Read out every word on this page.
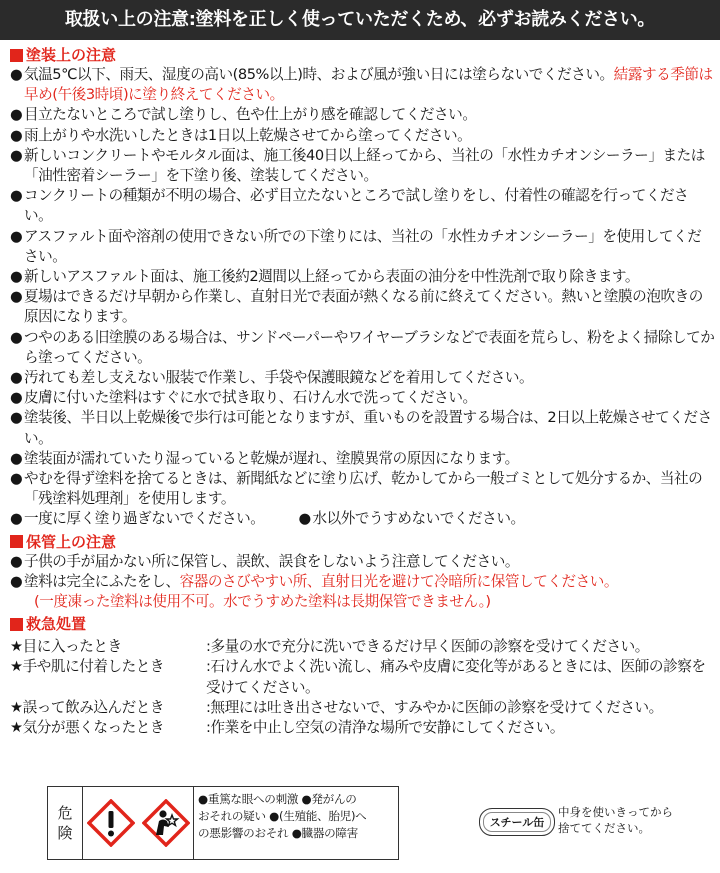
取扱い上の注意:塗料を正しく使っていただくため、必ずお読みください。
塗装上の注意
● 気温5℃以下、雨天、湿度の高い(85%以上)時、および風が強い日には塗らないでください。結露する季節は早め(午後3時頃)に塗り終えてください。
● 目立たないところで試し塗りし、色や仕上がり感を確認してください。
● 雨上がりや水洗いしたときは1日以上乾燥させてから塗ってください。
● 新しいコンクリートやモルタル面は、施工後40日以上経ってから、当社の「水性カチオンシーラー」または「油性密着シーラー」を下塗り後、塗装してください。
● コンクリートの種類が不明の場合、必ず目立たないところで試し塗りをし、付着性の確認を行ってください。
● アスファルト面や溶剤の使用できない所での下塗りには、当社の「水性カチオンシーラー」を使用してください。
● 新しいアスファルト面は、施工後約2週間以上経ってから表面の油分を中性洗剤で取り除きます。
● 夏場はできるだけ早朝から作業し、直射日光で表面が熱くなる前に終えてください。熱いと塗膜の泡吹きの原因になります。
● つやのある旧塗膜のある場合は、サンドペーパーやワイヤーブラシなどで表面を荒らし、粉をよく掃除してから塗ってください。
● 汚れても差し支えない服装で作業し、手袋や保護眼鏡などを着用してください。
● 皮膚に付いた塗料はすぐに水で拭き取り、石けん水で洗ってください。
● 塗装後、半日以上乾燥後で歩行は可能となりますが、重いものを設置する場合は、2日以上乾燥させてください。
● 塗装面が濡れていたり湿っていると乾燥が遅れ、塗膜異常の原因になります。
● やむを得ず塗料を捨てるときは、新聞紙などに塗り広げ、乾かしてから一般ゴミとして処分するか、当社の「残塗料処理剤」を使用します。
● 一度に厚く塗り過ぎないでください。 ● 水以外でうすめないでください。
保管上の注意
● 子供の手が届かない所に保管し、誤飲、誤食をしないよう注意してください。
● 塗料は完全にふたをし、容器のさびやすい所、直射日光を避けて冷暗所に保管してください。
(一度凍った塗料は使用不可。水でうすめた塗料は長期保管できません。)
救急処置
★目に入ったとき	:多量の水で充分に洗いできるだけ早く医師の診察を受けてください。
★手や肌に付着したとき	:石けん水でよく洗い流し、痛みや皮膚に変化等があるときには、医師の診察を受けてください。
★誤って飲み込んだとき	:無理には吐き出させないで、すみやかに医師の診察を受けてください。
★気分が悪くなったとき	:作業を中止し空気の清浄な場所で安静にしてください。
危
険
●重篤な眼への刺激 ●発がんの
おそれの疑い ●(生殖能、胎児)へ
の悪影響のおそれ ●臓器の障害
スチール缶
中身を使いきってから
捨ててください。
